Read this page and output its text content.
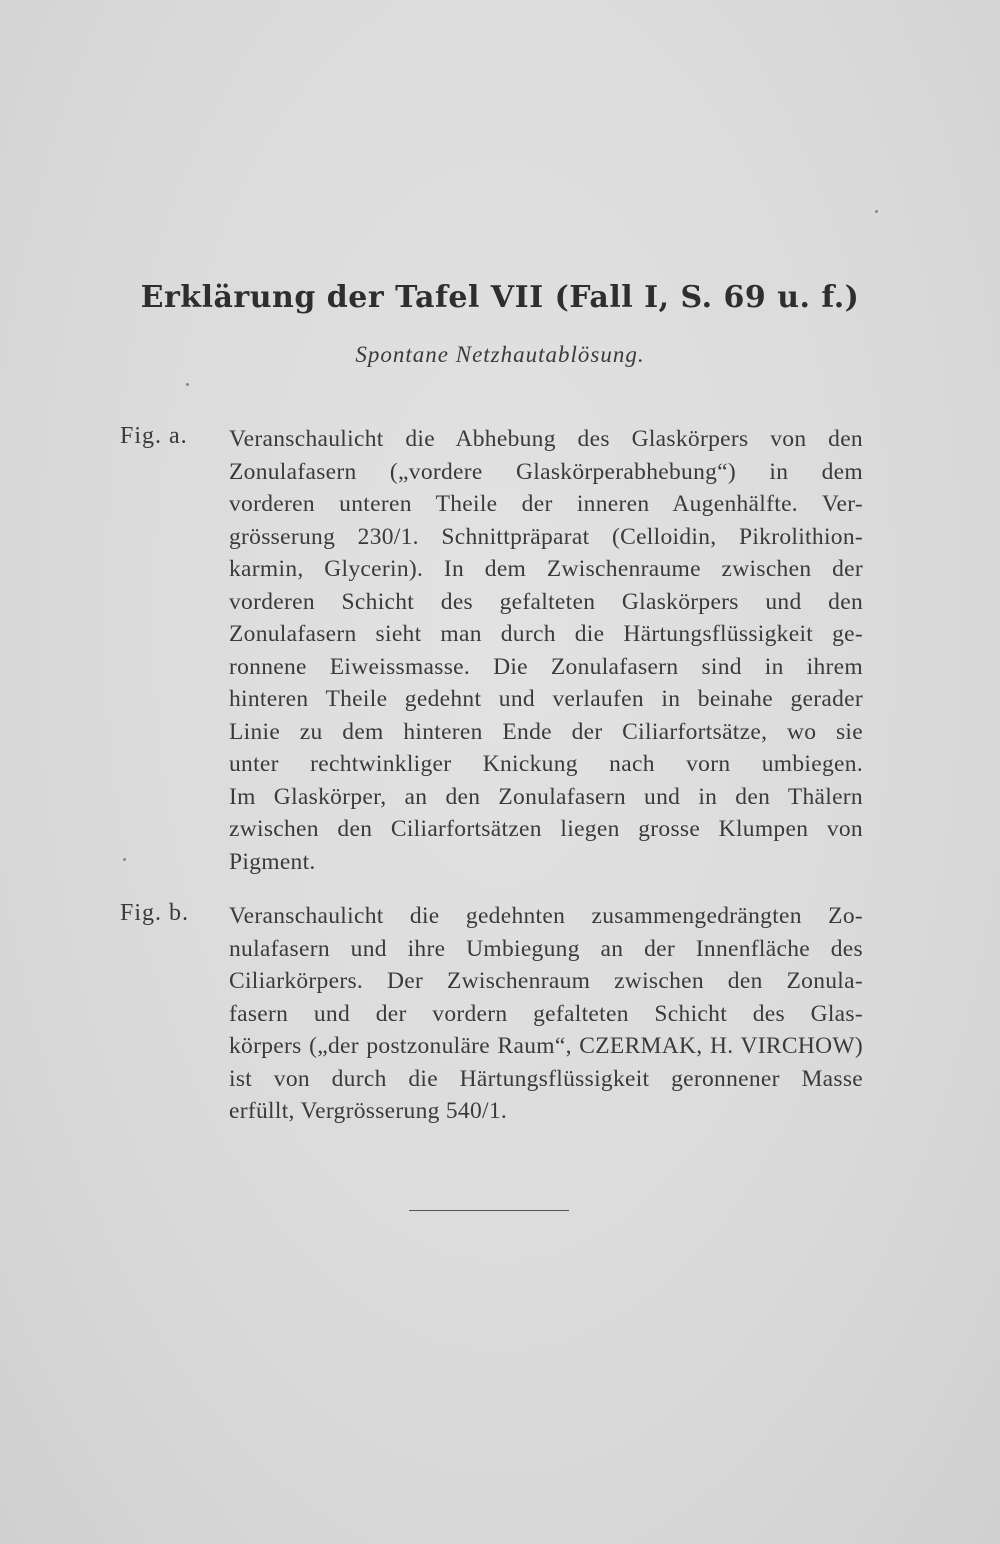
Erklärung der Tafel VII (Fall I, S. 69 u. f.)
Spontane Netzhautablösung.
Fig. a. Veranschaulicht die Abhebung des Glaskörpers von den
Zonulafasern („vordere Glaskörperabhebung“) in dem
vorderen unteren Theile der inneren Augenhälfte. Ver-
grösserung 230/1. Schnittpräparat (Celloidin, Pikrolithion-
karmin, Glycerin). In dem Zwischenraume zwischen der
vorderen Schicht des gefalteten Glaskörpers und den
Zonulafasern sieht man durch die Härtungsflüssigkeit ge-
ronnene Eiweissmasse. Die Zonulafasern sind in ihrem
hinteren Theile gedehnt und verlaufen in beinahe gerader
Linie zu dem hinteren Ende der Ciliarfortsätze, wo sie
unter rechtwinkliger Knickung nach vorn umbiegen.
Im Glaskörper, an den Zonulafasern und in den Thälern
zwischen den Ciliarfortsätzen liegen grosse Klumpen von
Pigment.
Fig. b. Veranschaulicht die gedehnten zusammengedrängten Zo-
nulafasern und ihre Umbiegung an der Innenfläche des
Ciliarkörpers. Der Zwischenraum zwischen den Zonula-
fasern und der vordern gefalteten Schicht des Glas-
körpers („der postzonuläre Raum“, CZERMAK, H. VIRCHOW)
ist von durch die Härtungsflüssigkeit geronnener Masse
erfüllt, Vergrösserung 540/1.
